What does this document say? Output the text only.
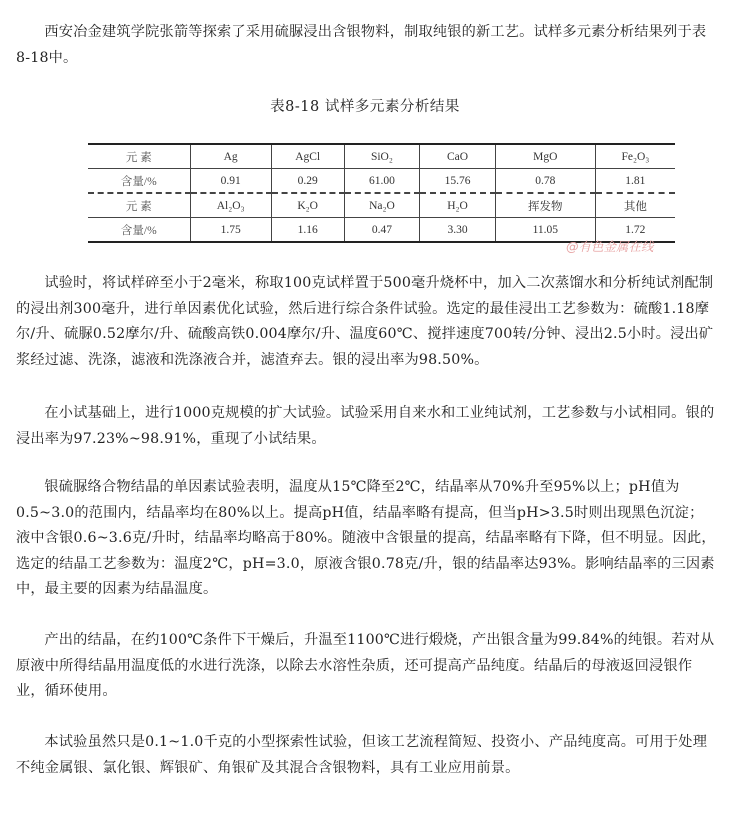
西安冶金建筑学院张箭等探索了采用硫脲浸出含银物料，制取纯银的新工艺。试样多元素分析结果列于表8-18中。

表8-18 试样多元素分析结果
元 素	Ag	AgCl	SiO₂	CaO	MgO	Fe₂O₃
含量/%	0.91	0.29	61.00	15.76	0.78	1.81
元 素	Al₂O₃	K₂O	Na₂O	H₂O	挥发物	其他
含量/%	1.75	1.16	0.47	3.30	11.05	1.72
@有色金属在线

试验时，将试样碎至小于2毫米，称取100克试样置于500毫升烧杯中，加入二次蒸馏水和分析纯试剂配制的浸出剂300毫升，进行单因素优化试验，然后进行综合条件试验。选定的最佳浸出工艺参数为：硫酸1.18摩尔/升、硫脲0.52摩尔/升、硫酸高铁0.004摩尔/升、温度60℃、搅拌速度700转/分钟、浸出2.5小时。浸出矿浆经过滤、洗涤，滤液和洗涤液合并，滤渣弃去。银的浸出率为98.50%。

在小试基础上，进行1000克规模的扩大试验。试验采用自来水和工业纯试剂，工艺参数与小试相同。银的浸出率为97.23%~98.91%，重现了小试结果。

银硫脲络合物结晶的单因素试验表明，温度从15℃降至2℃，结晶率从70%升至95%以上；pH值为0.5~3.0的范围内，结晶率均在80%以上。提高pH值，结晶率略有提高，但当pH>3.5时则出现黑色沉淀；液中含银0.6~3.6克/升时，结晶率均略高于80%。随液中含银量的提高，结晶率略有下降，但不明显。因此，选定的结晶工艺参数为：温度2℃，pH=3.0，原液含银0.78克/升，银的结晶率达93%。影响结晶率的三因素中，最主要的因素为结晶温度。

产出的结晶，在约100℃条件下干燥后，升温至1100℃进行煅烧，产出银含量为99.84%的纯银。若对从原液中所得结晶用温度低的水进行洗涤，以除去水溶性杂质，还可提高产品纯度。结晶后的母液返回浸银作业，循环使用。

本试验虽然只是0.1~1.0千克的小型探索性试验，但该工艺流程简短、投资小、产品纯度高。可用于处理不纯金属银、氯化银、辉银矿、角银矿及其混合含银物料，具有工业应用前景。
